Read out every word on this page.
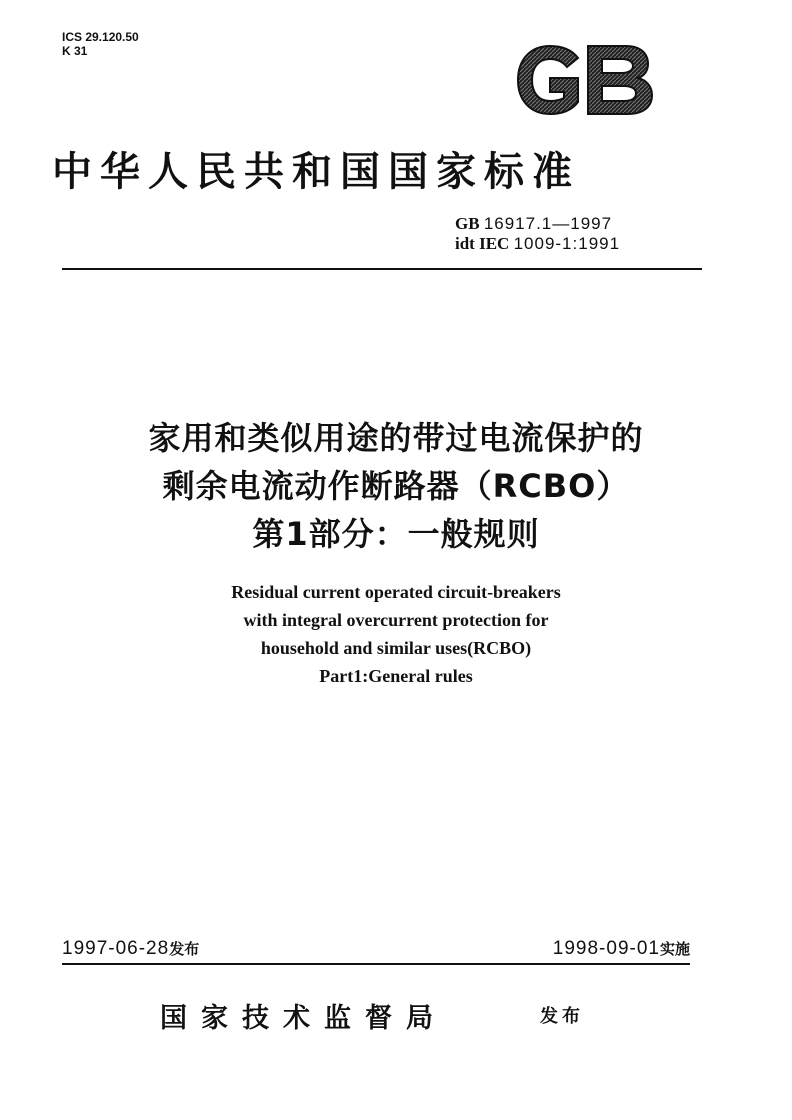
ICS 29.120.50
K 31
中华人民共和国国家标准
GB 16917.1—1997
idt IEC 1009-1:1991
家用和类似用途的带过电流保护的
剩余电流动作断路器（RCBO）
第1部分：一般规则
Residual current operated circuit-breakers
with integral overcurrent protection for
household and similar uses(RCBO)
Part1:General rules
1997-06-28发布	1998-09-01实施
国家技术监督局	发布
